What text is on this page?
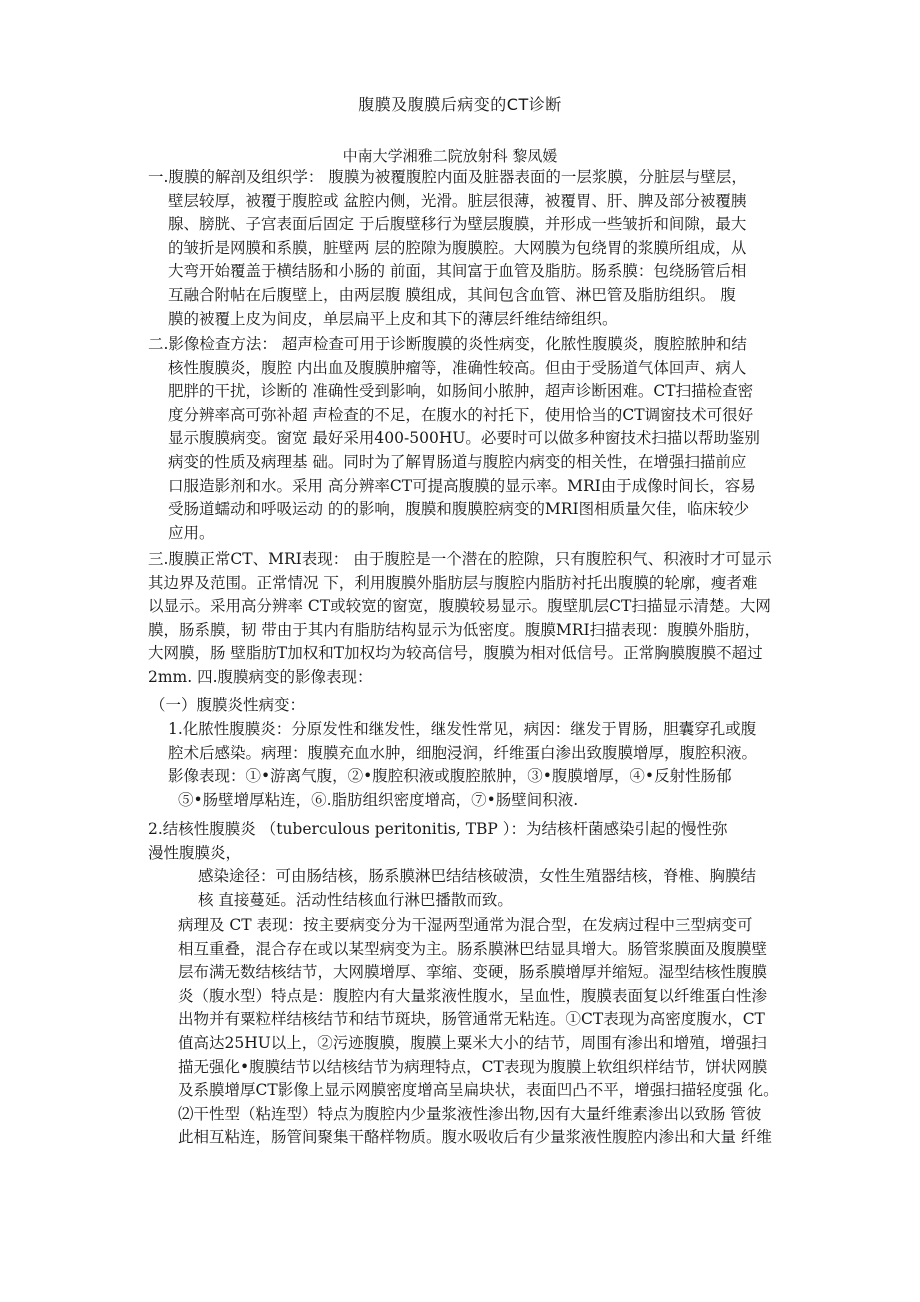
腹膜及腹膜后病变的CT诊断
中南大学湘雅二院放射科 黎凤媛
一.腹膜的解剖及组织学： 腹膜为被覆腹腔内面及脏器表面的一层浆膜，分脏层与壁层，
壁层较厚，被覆于腹腔或 盆腔内侧，光滑。脏层很薄，被覆胃、肝、脾及部分被覆胰
腺、膀胱、子宫表面后固定 于后腹壁移行为壁层腹膜，并形成一些皱折和间隙，最大
的皱折是网膜和系膜，脏壁两 层的腔隙为腹膜腔。大网膜为包绕胃的浆膜所组成，从
大弯开始覆盖于横结肠和小肠的 前面，其间富于血管及脂肪。肠系膜：包绕肠管后相
互融合附帖在后腹壁上，由两层腹 膜组成，其间包含血管、淋巴管及脂肪组织。 腹
膜的被覆上皮为间皮，单层扁平上皮和其下的薄层纤维结缔组织。
二.影像检查方法： 超声检查可用于诊断腹膜的炎性病变，化脓性腹膜炎，腹腔脓肿和结
核性腹膜炎，腹腔 内出血及腹膜肿瘤等，准确性较高。但由于受肠道气体回声、病人
肥胖的干扰，诊断的 准确性受到影响，如肠间小脓肿，超声诊断困难。CT扫描检查密
度分辨率高可弥补超 声检查的不足，在腹水的衬托下，使用恰当的CT调窗技术可很好
显示腹膜病变。窗宽 最好采用400-500HU。必要时可以做多种窗技术扫描以帮助鉴别
病变的性质及病理基 础。同时为了解胃肠道与腹腔内病变的相关性，在增强扫描前应
口服造影剂和水。采用 高分辨率CT可提高腹膜的显示率。MRI由于成像时间长，容易
受肠道蠕动和呼吸运动 的的影响，腹膜和腹膜腔病变的MRI图相质量欠佳，临床较少
应用。
三.腹膜正常CT、MRI表现： 由于腹腔是一个潜在的腔隙，只有腹腔积气、积液时才可显示
其边界及范围。正常情况 下，利用腹膜外脂肪层与腹腔内脂肪衬托出腹膜的轮廓，瘦者难
以显示。采用高分辨率 CT或较宽的窗宽，腹膜较易显示。腹壁肌层CT扫描显示清楚。大网
膜，肠系膜，韧 带由于其内有脂肪结构显示为低密度。腹膜MRI扫描表现：腹膜外脂肪，
大网膜，肠 壁脂肪T加权和T加权均为较高信号，腹膜为相对低信号。正常胸膜腹膜不超过
2mm. 四.腹膜病变的影像表现：
（一）腹膜炎性病变：
1.化脓性腹膜炎：分原发性和继发性，继发性常见，病因：继发于胃肠，胆囊穿孔或腹
腔术后感染。病理：腹膜充血水肿，细胞浸润，纤维蛋白渗出致腹膜增厚，腹腔积液。
影像表现：①•游离气腹，②•腹腔积液或腹腔脓肿，③•腹膜增厚，④•反射性肠郁
⑤•肠壁增厚粘连，⑥.脂肪组织密度增高，⑦•肠壁间积液.
2.结核性腹膜炎 （tuberculous peritonitis, TBP ）：为结核杆菌感染引起的慢性弥
漫性腹膜炎，
感染途径：可由肠结核，肠系膜淋巴结结核破溃，女性生殖器结核，脊椎、胸膜结
核 直接蔓延。活动性结核血行淋巴播散而致。
病理及 CT 表现：按主要病变分为干湿两型通常为混合型，在发病过程中三型病变可
相互重叠，混合存在或以某型病变为主。肠系膜淋巴结显具增大。肠管浆膜面及腹膜壁
层布满无数结核结节，大网膜增厚、挛缩、变硬，肠系膜增厚并缩短。湿型结核性腹膜
炎（腹水型）特点是：腹腔内有大量浆液性腹水，呈血性，腹膜表面复以纤维蛋白性渗
出物并有粟粒样结核结节和结节斑块，肠管通常无粘连。①CT表现为高密度腹水，CT
值高达25HU以上，②污迹腹膜，腹膜上粟米大小的结节，周围有渗出和增殖，增强扫
描无强化•腹膜结节以结核结节为病理特点，CT表现为腹膜上软组织样结节，饼状网膜
及系膜增厚CT影像上显示网膜密度增高呈扁块状，表面凹凸不平，增强扫描轻度强 化。
⑵干性型（粘连型）特点为腹腔内少量浆液性渗出物,因有大量纤维素渗出以致肠 管彼
此相互粘连，肠管间聚集干酪样物质。腹水吸收后有少量浆液性腹腔内渗出和大量 纤维
